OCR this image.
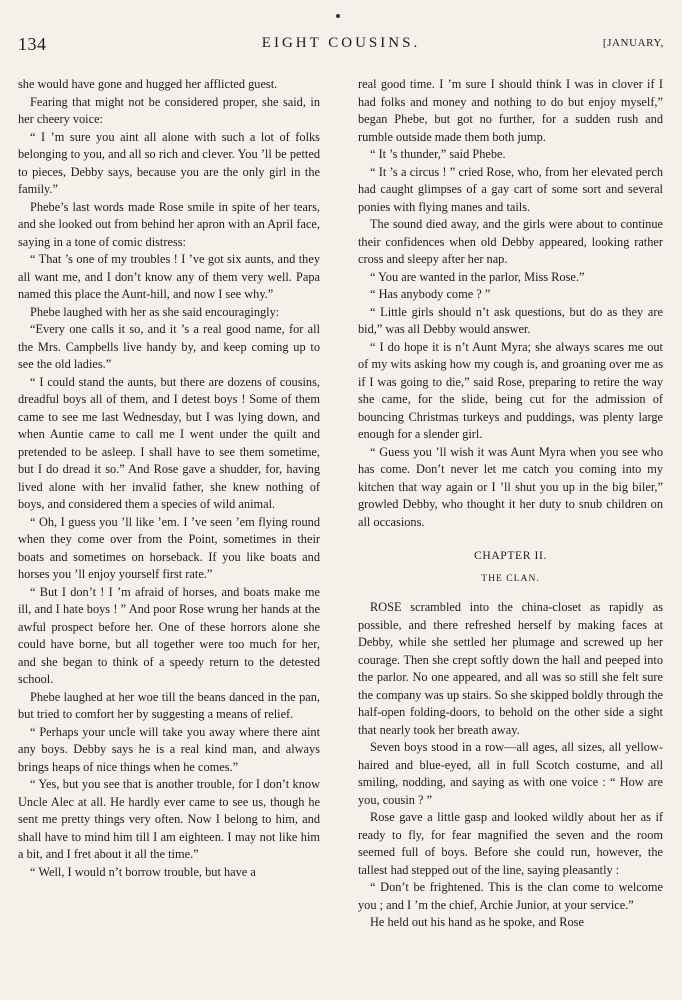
134	EIGHT COUSINS.	[JANUARY,

she would have gone and hugged her afflicted guest.

Fearing that might not be considered proper, she said, in her cheery voice:

“ I ’m sure you aint all alone with such a lot of folks belonging to you, and all so rich and clever. You ’ll be petted to pieces, Debby says, because you are the only girl in the family.”

Phebe’s last words made Rose smile in spite of her tears, and she looked out from behind her apron with an April face, saying in a tone of comic distress:

“ That ’s one of my troubles ! I ’ve got six aunts, and they all want me, and I don’t know any of them very well. Papa named this place the Aunt-hill, and now I see why.”

Phebe laughed with her as she said encouragingly:

“Every one calls it so, and it ’s a real good name, for all the Mrs. Campbells live handy by, and keep coming up to see the old ladies.”

“ I could stand the aunts, but there are dozens of cousins, dreadful boys all of them, and I detest boys ! Some of them came to see me last Wednesday, but I was lying down, and when Auntie came to call me I went under the quilt and pretended to be asleep. I shall have to see them sometime, but I do dread it so.” And Rose gave a shudder, for, having lived alone with her invalid father, she knew nothing of boys, and considered them a species of wild animal.

“ Oh, I guess you ’ll like ’em. I ’ve seen ’em flying round when they come over from the Point, sometimes in their boats and sometimes on horseback. If you like boats and horses you ’ll enjoy yourself first rate.”

“ But I don’t ! I ’m afraid of horses, and boats make me ill, and I hate boys ! ” And poor Rose wrung her hands at the awful prospect before her. One of these horrors alone she could have borne, but all together were too much for her, and she began to think of a speedy return to the detested school.

Phebe laughed at her woe till the beans danced in the pan, but tried to comfort her by suggesting a means of relief.

“ Perhaps your uncle will take you away where there aint any boys. Debby says he is a real kind man, and always brings heaps of nice things when he comes.”

“ Yes, but you see that is another trouble, for I don’t know Uncle Alec at all. He hardly ever came to see us, though he sent me pretty things very often. Now I belong to him, and shall have to mind him till I am eighteen. I may not like him a bit, and I fret about it all the time.”

“ Well, I would n’t borrow trouble, but have a

real good time. I ’m sure I should think I was in clover if I had folks and money and nothing to do but enjoy myself,” began Phebe, but got no further, for a sudden rush and rumble outside made them both jump.

“ It ’s thunder,” said Phebe.

“ It ’s a circus ! ” cried Rose, who, from her elevated perch had caught glimpses of a gay cart of some sort and several ponies with flying manes and tails.

The sound died away, and the girls were about to continue their confidences when old Debby appeared, looking rather cross and sleepy after her nap.

“ You are wanted in the parlor, Miss Rose.”

“ Has anybody come ? ”

“ Little girls should n’t ask questions, but do as they are bid,” was all Debby would answer.

“ I do hope it is n’t Aunt Myra; she always scares me out of my wits asking how my cough is, and groaning over me as if I was going to die,” said Rose, preparing to retire the way she came, for the slide, being cut for the admission of bouncing Christmas turkeys and puddings, was plenty large enough for a slender girl.

“ Guess you ’ll wish it was Aunt Myra when you see who has come. Don’t never let me catch you coming into my kitchen that way again or I ’ll shut you up in the big biler,” growled Debby, who thought it her duty to snub children on all occasions.

CHAPTER II.

THE CLAN.

ROSE scrambled into the china-closet as rapidly as possible, and there refreshed herself by making faces at Debby, while she settled her plumage and screwed up her courage. Then she crept softly down the hall and peeped into the parlor. No one appeared, and all was so still she felt sure the company was up stairs. So she skipped boldly through the half-open folding-doors, to behold on the other side a sight that nearly took her breath away.

Seven boys stood in a row—all ages, all sizes, all yellow-haired and blue-eyed, all in full Scotch costume, and all smiling, nodding, and saying as with one voice : “ How are you, cousin ? ”

Rose gave a little gasp and looked wildly about her as if ready to fly, for fear magnified the seven and the room seemed full of boys. Before she could run, however, the tallest had stepped out of the line, saying pleasantly :

“ Don’t be frightened. This is the clan come to welcome you ; and I ’m the chief, Archie Junior, at your service.”

He held out his hand as he spoke, and Rose
